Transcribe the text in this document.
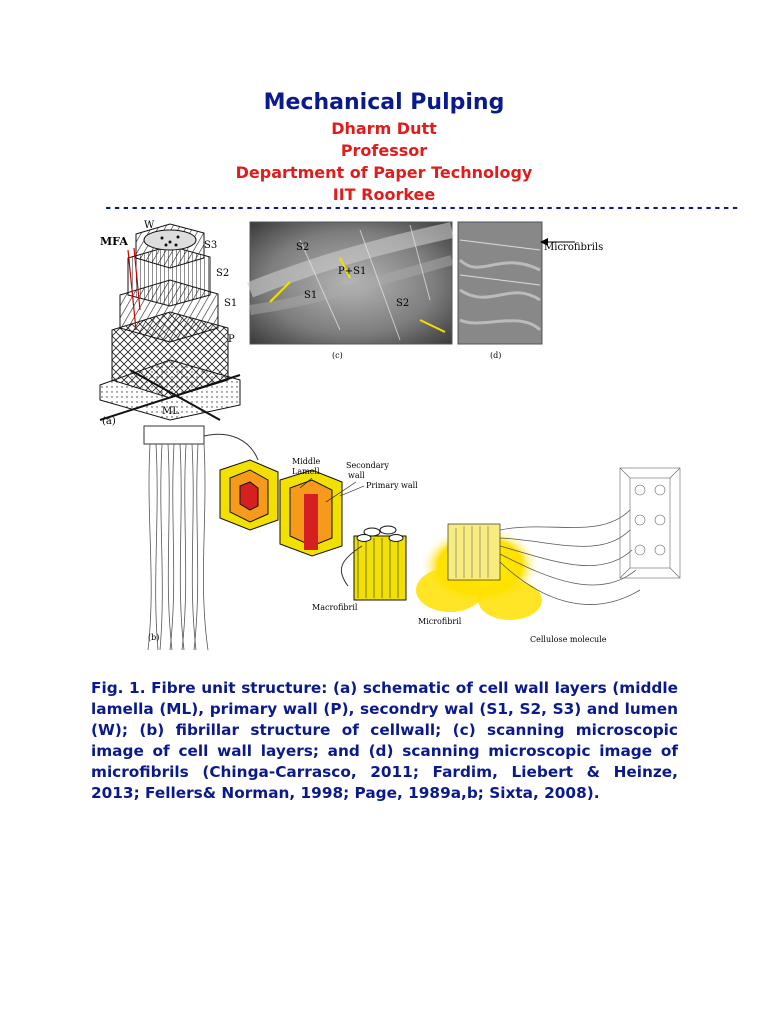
Mechanical Pulping
Dharm Dutt
Professor
Department of Paper Technology
IIT Roorkee
------------------------------------------------------------------------
MFA
W
S3
S2
S1
P
ML
(a)
S2
P+S1
S1
S2
(c)
Microfibrils
(d)
Middle
Lamell
Secondary
wall
Primary wall
Macrofibril
Microfibril
(b)	Cellulose molecule
Fig. 1. Fibre unit structure: (a) schematic of cell wall layers (middle lamella (ML), primary wall (P), secondry wal (S1, S2, S3) and lumen (W); (b) fibrillar structure of cellwall; (c) scanning microscopic image of cell wall layers; and (d) scanning microscopic image of microfibrils (Chinga-Carrasco, 2011; Fardim, Liebert & Heinze, 2013; Fellers& Norman, 1998; Page, 1989a,b; Sixta, 2008).
